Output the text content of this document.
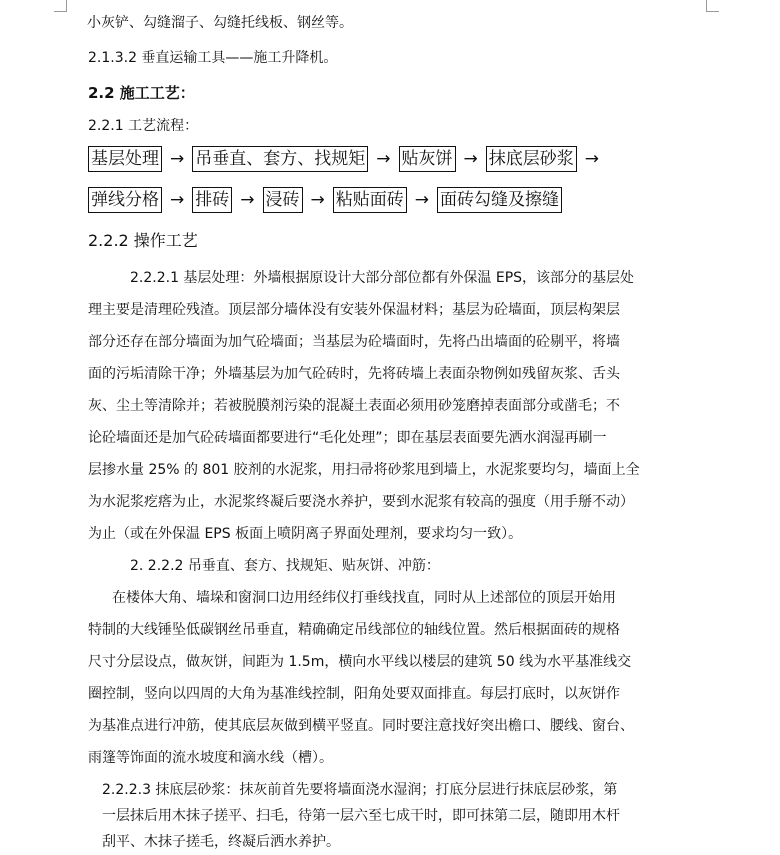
小灰铲、勾缝溜子、勾缝托线板、钢丝等。
2.1.3.2 垂直运输工具——施工升降机。
2.2 施工工艺：
2.2.1 工艺流程：
基层处理 → 吊垂直、套方、找规矩 → 贴灰饼 → 抹底层砂浆 →
弹线分格 → 排砖 → 浸砖 → 粘贴面砖 → 面砖勾缝及擦缝
2.2.2 操作工艺
2.2.2.1 基层处理：外墙根据原设计大部分部位都有外保温 EPS，该部分的基层处
理主要是清理砼残渣。顶层部分墙体没有安装外保温材料；基层为砼墙面，顶层构架层
部分还存在部分墙面为加气砼墙面；当基层为砼墙面时，先将凸出墙面的砼剔平，将墙
面的污垢清除干净；外墙基层为加气砼砖时，先将砖墙上表面杂物例如残留灰浆、舌头
灰、尘土等清除并；若被脱膜剂污染的混凝土表面必须用砂笼磨掉表面部分或凿毛；不
论砼墙面还是加气砼砖墙面都要进行“毛化处理”；即在基层表面要先洒水润湿再刷一
层掺水量 25% 的 801 胶剂的水泥浆，用扫帚将砂浆甩到墙上，水泥浆要均匀，墙面上全
为水泥浆疙瘩为止，水泥浆终凝后要浇水养护，要到水泥浆有较高的强度（用手掰不动）
为止（或在外保温 EPS 板面上喷阴离子界面处理剂，要求均匀一致）。
2. 2.2.2 吊垂直、套方、找规矩、贴灰饼、冲筋：
在楼体大角、墙垛和窗洞口边用经纬仪打垂线找直，同时从上述部位的顶层开始用
特制的大线锤坠低碳钢丝吊垂直，精确确定吊线部位的轴线位置。然后根据面砖的规格
尺寸分层设点，做灰饼，间距为 1.5m，横向水平线以楼层的建筑 50 线为水平基准线交
圈控制，竖向以四周的大角为基准线控制，阳角处要双面排直。每层打底时，以灰饼作
为基准点进行冲筋，使其底层灰做到横平竖直。同时要注意找好突出檐口、腰线、窗台、
雨篷等饰面的流水坡度和滴水线（槽）。
2.2.2.3 抹底层砂浆：抹灰前首先要将墙面浇水湿润；打底分层进行抹底层砂浆，第
一层抹后用木抹子搓平、扫毛，待第一层六至七成干时，即可抹第二层，随即用木杆
刮平、木抹子搓毛，终凝后洒水养护。
